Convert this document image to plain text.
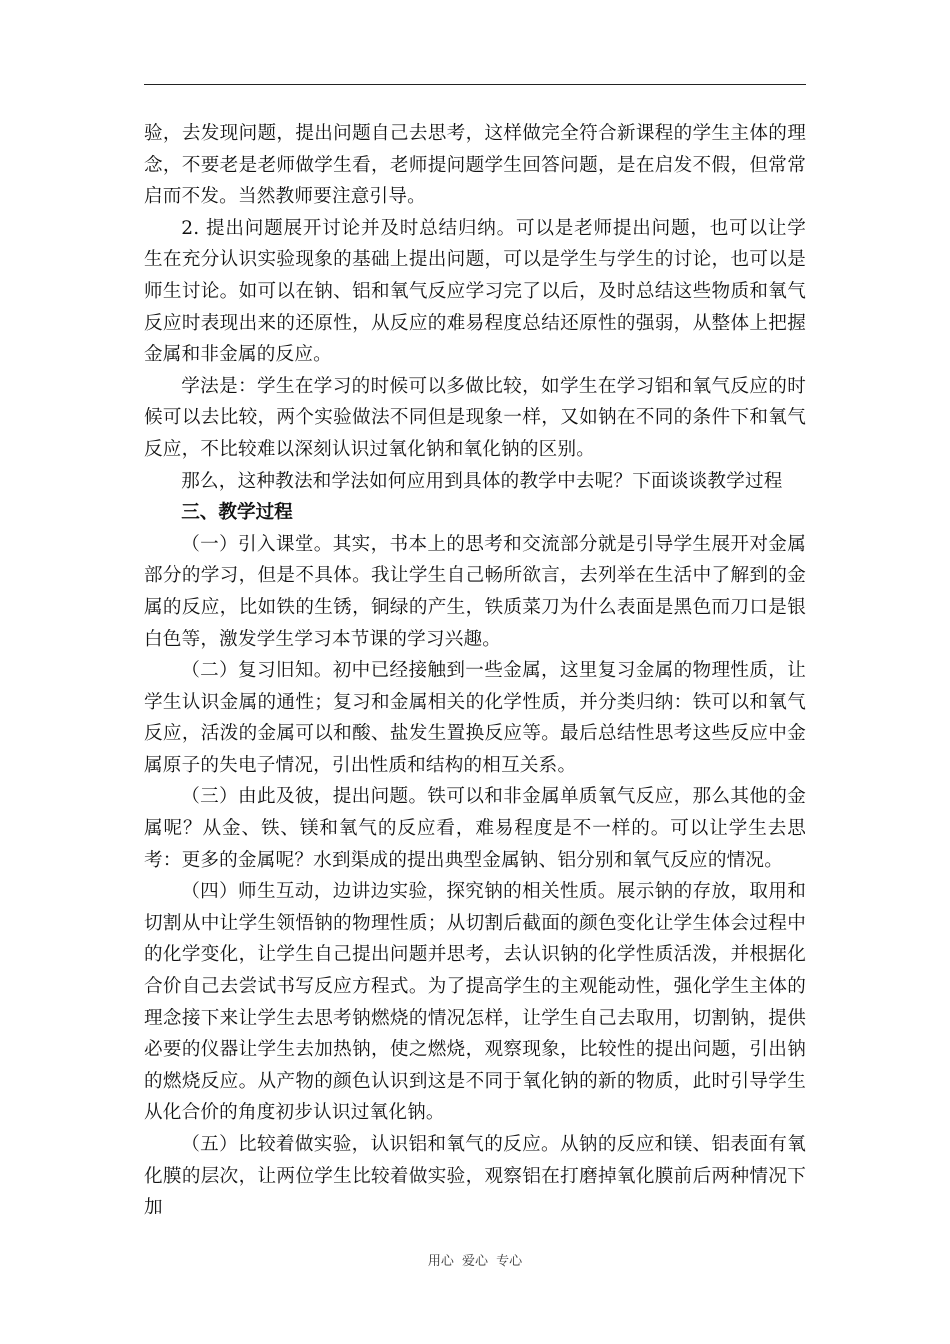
验，去发现问题，提出问题自己去思考，这样做完全符合新课程的学生主体的理念，不要老是老师做学生看，老师提问题学生回答问题，是在启发不假，但常常启而不发。当然教师要注意引导。

2. 提出问题展开讨论并及时总结归纳。可以是老师提出问题，也可以让学生在充分认识实验现象的基础上提出问题，可以是学生与学生的讨论，也可以是师生讨论。如可以在钠、铝和氧气反应学习完了以后，及时总结这些物质和氧气反应时表现出来的还原性，从反应的难易程度总结还原性的强弱，从整体上把握金属和非金属的反应。

学法是：学生在学习的时候可以多做比较，如学生在学习铝和氧气反应的时候可以去比较，两个实验做法不同但是现象一样，又如钠在不同的条件下和氧气反应，不比较难以深刻认识过氧化钠和氧化钠的区别。

那么，这种教法和学法如何应用到具体的教学中去呢？下面谈谈教学过程

三、教学过程

（一）引入课堂。其实，书本上的思考和交流部分就是引导学生展开对金属部分的学习，但是不具体。我让学生自己畅所欲言，去列举在生活中了解到的金属的反应，比如铁的生锈，铜绿的产生，铁质菜刀为什么表面是黑色而刀口是银白色等，激发学生学习本节课的学习兴趣。

（二）复习旧知。初中已经接触到一些金属，这里复习金属的物理性质，让学生认识金属的通性；复习和金属相关的化学性质，并分类归纳：铁可以和氧气反应，活泼的金属可以和酸、盐发生置换反应等。最后总结性思考这些反应中金属原子的失电子情况，引出性质和结构的相互关系。

（三）由此及彼，提出问题。铁可以和非金属单质氧气反应，那么其他的金属呢？从金、铁、镁和氧气的反应看，难易程度是不一样的。可以让学生去思考：更多的金属呢？水到渠成的提出典型金属钠、铝分别和氧气反应的情况。

（四）师生互动，边讲边实验，探究钠的相关性质。展示钠的存放，取用和切割从中让学生领悟钠的物理性质；从切割后截面的颜色变化让学生体会过程中的化学变化，让学生自己提出问题并思考，去认识钠的化学性质活泼，并根据化合价自己去尝试书写反应方程式。为了提高学生的主观能动性，强化学生主体的理念接下来让学生去思考钠燃烧的情况怎样，让学生自己去取用，切割钠，提供必要的仪器让学生去加热钠，使之燃烧，观察现象，比较性的提出问题，引出钠的燃烧反应。从产物的颜色认识到这是不同于氧化钠的新的物质，此时引导学生从化合价的角度初步认识过氧化钠。

（五）比较着做实验，认识铝和氧气的反应。从钠的反应和镁、铝表面有氧化膜的层次，让两位学生比较着做实验，观察铝在打磨掉氧化膜前后两种情况下加

用心 爱心 专心
